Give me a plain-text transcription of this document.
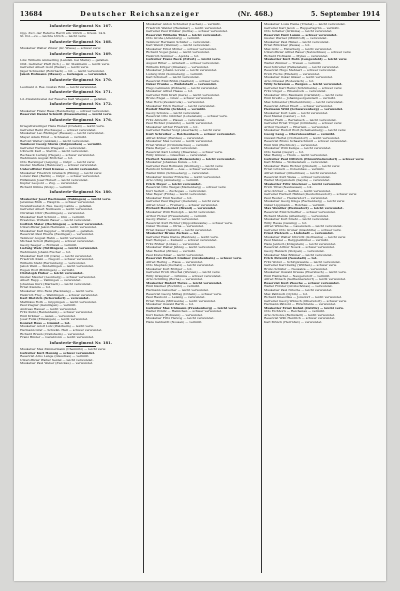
13684	Deutscher Reichsanzeiger	(Nr. 468.)	5. September 1914
Infanterie-Regiment Nr. 167.
Opp. Zu:t. der Referve Herdt ein: Ulrich — Kreuz. 14.9.
St. Pol.—zu — leichte Ulrich — leicht verw.
Infanterie-Regiment Nr. 168.
Musketier Walter Zinzer (Gr. Wiese) — schwer verw.
Infanterie-Regiment Nr. 169.
Ldw. Wilhelm Ammerling (Landsh. bei Mainz) — gefallen.
Oblt. Gefreiter Pfaff (Sch.) — Gr. Steinheim — leicht verw.
Gefreiter Albert Gold (Weiler) — leicht verw.
Jäger Schneider (Rohrbach) — Gr. — leicht verwundet.
Jakob Hofmann (Mauer) — Gefangen — verwundet.
Infanterie-Regiment Nr. 170.
Leutnant d. Res. Gustav Röhl — leicht verwundet.
Infanterie-Regiment Nr. 171.
Ld.-Vizefeldwebel der Reserve Karl Wiegand — gefallen.
Infanterie-Regiment Nr. 172.
Musketier Franz Haas (Heidelberg) — schwer verwundet.
Reservist Daniel Schmitt (Dossenheim) — leicht verw.
Infanterie-Regiment Nr. 176.
Kriegsfreiwilliger Hans Elsner (Crefeld) — leicht verw.
Gefreiter Beibl (Eschwege) — schwer verwundet.
Musketier Leo Rüdinger (Hessen) — leicht verwundet.
Mayer Adam Ernst — Schlesien — vermißt.
Bertold Walter (Anklam) — leicht verwundet.
Tambour Georg Sturm (Ostpreußen) — vermißt.
Gefreiter Hermann Wiegand — verwundet.
Ulbrecht Karl — Stettin — leicht verwundet.
Rechseck Ludwig (Hagen) — schwer verwundet.
Wehrmann August Böttcher — tot.
Otto Hersinger (Leipzig) — Ostpr. — leicht verw.
Gustav Steffens (Hannover) — schwer verwundet.
Unteroffizier Emil Krause — leicht verwundet.
Musketier Friedrich Gramsch (Elbing) — leicht verw.
Lorenz Paul (Berlin) — Ostpr. — schwer verwundet.
Hilfsmann Josef Hubert — leicht verwundet.
Kupfer Leopold — Zug. — verwundet.
Richard Kühne (Stolp) — vermißt.
Infanterie-Regiment Nr. 180.
Musketier Josef Bachmann (Tübingen) — leicht verw.
Jeremias Bürk — Hauptm. — schwer verwundet.
Vizefeldwebel d. Res. Georg Laible — gefallen.
Gefreiter Albert Nußbaum — leicht verwundet.
Christian Dürr (Reutlingen) — verwundet.
Musketier Karl Schmid — Ulm — vermißt.
Ersatzres. Wilhelm Bauer — leicht verwundet.
Gottlob Maier (Hechingen) — schwer verwundet.
Unteroffizier Jakob Hermann — leicht verwundet.
Musketier Karl Keppler — Stuttgart — gefallen.
Reservist Paul Eberle (Esslingen) — verwundet.
Tambour August Hahn — leicht verwundet.
Michael Scholl (Balingen) — schwer verwundet.
Georg Seeger — Rottweil — vermißt.
Ludwig Walz (Tuttlingen) — leicht verwundet.
Wehrmann Johann Fischer — tot.
Musketier Karl Ott (Calw) — leicht verwundet.
Friedrich Klein — Nagold — schwer verwundet.
Wilhelm Stahl (Herrenberg) — verwundet.
Jakob Weiß — Sindelfingen — leicht verwundet.
Eugen Wolf (Böblingen) — vermißt.
Christoph Huber — leicht verwundet.
Gustav Maurer (Leonberg) — schwer verwundet.
Albert Rapp — Vaihingen — verwundet.
Johannes Kurz (Marbach) — leicht verwundet.
Ernst Kienzle — tot.
Musketier Otto Renz (Backnang) — leicht verw.
Heinrich Frey — Waiblingen — schwer verwundet.
Karl Dietrich (Schorndorf) — verwundet.
Matthäus Roth — Göppingen — leicht verwundet.
Paul Ziegler (Geislingen) — vermißt.
Andreas Hauser — leicht verwundet.
Fritz Kuhn (Heidenheim) — schwer verwundet.
Emil Krämer — Aalen — verwundet.
Josef Funk (Ellwangen) — leicht verwundet.
Konrad Hess — Gmünd — tot.
Musketier Adolf Lutz (Welzheim) — leicht verw.
Hermann Graf — Schwäb. Hall — schwer verwundet.
Richard Braun (Crailsheim) — verwundet.
Franz Binder — Gerabronn — leicht verwundet.
Infanterie-Regiment Nr. 181.
Musketier Max Zimmermann (Chemnitz) — leicht verw.
Gefreiter Kurt Hennig — schwer verwundet.
Reservist Arno Lange (Glauchau) — vermißt.
Unteroffizier Walter Seidel — leicht verwundet.
Musketier Paul Weber (Zwickau) — verwundet.
Musketier Anton Schreiber (Lachen) — vermißt.
Friedrich Walder (Hadamar) — leicht verwundet.
Gefreiter Paul Winkler (Gotha) — schwer verwundet.
Reservist Wilhelm Thiel — leicht verwundet.
Otto Große (Altenburg) — vermißt.
Tambour Hermann Schäfer — verwundet.
Karl Wendt (Weimar) — leicht verwundet.
Musketier Ernst Möller — schwer verwundet.
Richard Vogel (Jena) — leicht verwundet.
Heinrich Sommer — Apolda — tot.
Gefreiter Franz Beck (Erfurt) — leicht verw.
August Ritter — Arnstadt — schwer verwundet.
Wilhelm Krüger (Ilmenau) — verwundet.
Musketier Johann Lorenz — leicht verwundet.
Ludwig Pohl (Sonneberg) — vermißt.
Karl Schubert — leicht verwundet.
Reservist Emil Böhm (Saalfeld) — schwer verw.
Oskar Franke — Rudolstadt — verwundet.
Hugo Lehmann (Pößneck) — leicht verwundet.
Musketier Alfred Haase — tot.
Gefreiter Willi Kraft (Gera) — leicht verwundet.
Bruno Engel — Greiz — schwer verwundet.
Max Horn (Zeulenroda) — verwundet.
Musketier Erich Werner — leicht verwundet.
Rudolf Martin (Schleiz) — vermißt.
Georg Schulze — leicht verwundet.
Reservist Otto Günther (Lobenstein) — schwer verw.
Fritz Albrecht — Plauen — verwundet.
Paul Richter (Oelsnitz) — leicht verwundet.
Musketier Arthur Friedrich — tot.
Gefreiter Walter Voigt (Auerbach) — leicht verw.
Kurt Schreiber — Reichenbach — schwer verwundet.
Alfred Köhler (Werdau) — verwundet.
Musketier Max Lorenz — leicht verwundet.
Ernst Winter (Crimmitschau) — vermißt.
Hans Berger — leicht verwundet.
Reservist Karl Ludwig (Meerane) — schwer verw.
Willy Günzel — Glauchau — verwundet.
Herbert Naumann (Hohenstein) — leicht verwundet.
Musketier Johannes Kunze — tot.
Gefreiter Paul Hofmann (Stollberg) — leicht verw.
Reinhold Schmidt — Aue — schwer verwundet.
Walter Kühn (Schneeberg) — verwundet.
Musketier Gustav Fritzsche — leicht verwundet.
Arno Uhlig (Annaberg) — vermißt.
Erich Meyer — leicht verwundet.
Reservist Otto Weigel (Marienberg) — schwer verw.
Kurt Seifert — Zschopau — verwundet.
Max Beyer (Flöha) — leicht verwundet.
Musketier Emil Nestler — tot.
Gefreiter Paul Wagner (Oederan) — leicht verw.
Alfred Löser — Freiberg — schwer verwundet.
Richard Hentschel (Brand) — verwundet.
Musketier Willi Rudolph — leicht verwundet.
Arthur Ficker (Frauenstein) — vermißt.
Georg Pfeifer — leicht verwundet.
Reservist Kurt Eichler (Dippoldiswalde) — schwer verw.
Oskar Thomas — Pirna — verwundet.
Ernst Kaiser (Sebnitz) — leicht verwundet.
Musketier Bruno Zschau — tot.
Gefreiter Hans Dietze (Bautzen) — leicht verw.
Karl Hempel — Kamenz — schwer verwundet.
Fritz Rößler (Löbau) — verwundet.
Musketier Walter Jähnig — leicht verwundet.
Max Reichel (Zittau) — vermißt.
Paul Kretschmar — leicht verwundet.
Reservist Herbert Lindner (Großenhain) — schwer verw.
Alfred Hering — Riesa — verwundet.
Otto Stephan (Oschatz) — leicht verwundet.
Musketier Kurt Böttger — tot.
Gefreiter Erich Püschel (Wurzen) — leicht verw.
Willy Graupner — Grimma — schwer verwundet.
Arno Schilling (Borna) — verwundet.
Musketier Rudolf Tietze — leicht verwundet.
Emil Kästner (Rochlitz) — vermißt.
Hermann Liebscher — leicht verwundet.
Reservist Georg Mittag (Döbeln) — schwer verw.
Paul Haubold — Leisnig — verwundet.
Ernst Thiele (Mittweida) — leicht verwundet.
Musketier Oswald Barth — tot.
Gefreiter Max Uhlmann (Frankenberg) — leicht verw.
Walter Pönitz — Hainichen — schwer verwundet.
Kurt Kaden (Roßwein) — verwundet.
Musketier Fritz Herzog — leicht verwundet.
Hans Gebhardt (Nossen) — vermißt.
Musketier Louis Heine (Triebel) — leicht verwundet.
Gefreiter Karl Jacob — Ruppertsgrün — vermißt.
Otto Schaller (Grimma) — leicht verwundet.
Reservist Emil Lamm — schwer verwundet.
Gustav Werner (Mühltroff) — verwundet.
Musketier Paul Hänel — leicht verwundet.
Ernst Brückner (Pausa) — tot.
Max Götz — Elsterberg — leicht verwundet.
Unteroffizier Alfred Bauer (Netzschkau) — schwer verw.
Richard Hofmann — Mylau — verwundet.
Musketier Kurt Roth (Lengenfeld) — leicht verw.
Walter Zimmer — Treuen — vermißt.
Paul Schreiter (Falkenstein) — leicht verwundet.
Reservist Hugo Mehnert — schwer verwundet.
Erich Fuchs (Ellefeld) — verwundet.
Musketier Oskar Gläser — leicht verwundet.
Arno Dressel (Rodewisch) — tot.
Willy Schramm — Bergen — leicht verwundet.
Gefreiter Karl Heinz (Schönheide) — schwer verw.
Fritz Unger — Eibenstock — verwundet.
Musketier Otto Baumann (Carlsfeld) — leicht verw.
Emil Kreißl — Johanngeorgenstadt — vermißt.
Max Schneider (Breitenbrunn) — leicht verwundet.
Reservist Alfred Ebert — schwer verwundet.
Hermann Wild (Schwarzenberg) — verwundet.
Musketier Kurt Lenk — leicht verwundet.
Paul Meinel (Lauter) — tot.
Walter Flath — Bernsbach — leicht verwundet.
Gefreiter Ernst Tröger (Grünhain) — schwer verw.
Arthur Neubert — Elterlein — verwundet.
Musketier Rudolf Wolf (Scheibenberg) — leicht verw.
Georg Lang — Oberwiesenthal — vermißt.
Oswald Hertel (Crottendorf) — leicht verwundet.
Reservist Bruno Schaarschmidt — schwer verwundet.
Emil Süß (Buchholz) — verwundet.
Musketier Willi Kempe — leicht verwundet.
Otto Seidel (Geyer) — tot.
Max Heinig — Thum — leicht verwundet.
Gefreiter Paul Dittrich (Ehrenfriedersdorf) — schwer verw.
Karl Böhme — Wolkenstein — verwundet.
Musketier Hans Richter (Jöhstadt) — leicht verw.
Ernst Lötzsch — Pobershau — vermißt.
Alfred Zenker (Olbernhau) — leicht verwundet.
Reservist Kurt Weise — schwer verwundet.
Walter Morgenstern (Sayda) — verwundet.
Musketier Fritz Glöckner — leicht verwundet.
Erich Tittel (Neuhausen) — tot.
Arno Körner — Seiffen — leicht verwundet.
Gefreiter Herbert Hähnel (Deutschneudorf) — schwer verw.
Paul Reuter — Heidersdorf — verwundet.
Musketier Georg Kluge (Rechenberg) — leicht verw.
Oskar Lippmann — Holzhau — vermißt.
Max Wendler (Hermsdorf) — leicht verwundet.
Reservist Emil Scheffler — schwer verwundet.
Richard Mende (Altenberg) — verwundet.
Musketier Kurt Stiehl — leicht verwundet.
Willy Hesse (Geising) — tot.
Alfred Wünsche — Lauenstein — leicht verwundet.
Gefreiter Otto Gruner (Glashütte) — schwer verw.
Ernst Pietzsch — Liebstadt — verwundet.
Musketier Walter Ulbricht (Gottleuba) — leicht verw.
Paul Menzel — Berggießhübel — vermißt.
Hans Jentsch (Königstein) — leicht verwundet.
Reservist Arthur Noack — schwer verwundet.
Georg Hanisch (Stolpen) — verwundet.
Musketier Max Böhmer — leicht verwundet.
Erich Petzold (Neustadt) — tot.
Fritz Wobst — Schirgiswalde — leicht verwundet.
Gefreiter Karl Zeibig (Wilthen) — schwer verw.
Bruno Schäfer — Neusalza — verwundet.
Musketier Oswald Krause (Ebersbach) — leicht verw.
Emil Hantschel — Neugersdorf — vermißt.
Alfred Rönsch (Seifhennersdorf) — leicht verwundet.
Reservist Kurt Ziesche — schwer verwundet.
Walter Förster (Großschönau) — verwundet.
Musketier Paul Nitsche — leicht verwundet.
Max Palitzsch (Oybin) — tot.
Richard Kneschke — Jonsdorf — leicht verwundet.
Gefreiter Georg Wünsch (Olbersdorf) — schwer verw.
Hermann Pätzold — Hirschfelde — verwundet.
Musketier Ernst Kuhnt (Ostritz) — leicht verw.
Otto Eichhorn — Reichenau — vermißt.
Arno Scholze (Bernstadt) — leicht verwundet.
Reservist Willi Heidrich — schwer verwundet.
Karl Mönch (Herrnhut) — verwundet.
